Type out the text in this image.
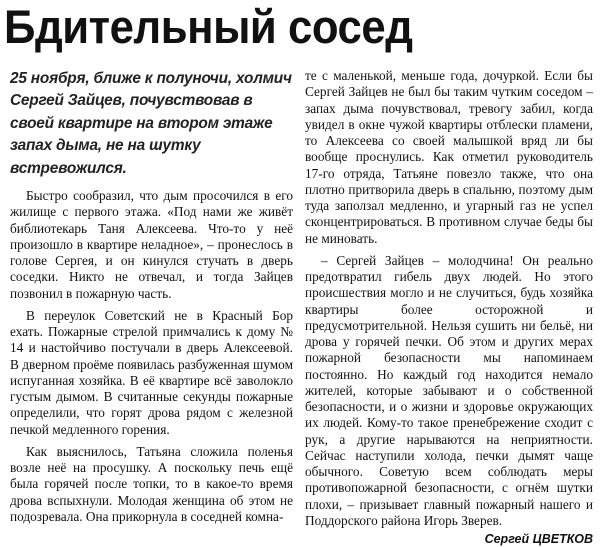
Бдительный сосед
25 ноября, ближе к полуночи, холмич Сергей Зайцев, почувствовав в своей квартире на втором этаже запах дыма, не на шутку встревожился.

Быстро сообразил, что дым просочился в его жилище с первого этажа. «Под нами же живёт библиотекарь Таня Алексеева. Что-то у неё произошло в квартире неладное», – пронеслось в голове Сергея, и он кинулся стучать в дверь соседки. Никто не отвечал, и тогда Зайцев позвонил в пожарную часть.

В переулок Советский не в Красный Бор ехать. Пожарные стрелой примчались к дому № 14 и настойчиво постучали в дверь Алексеевой. В дверном проёме появилась разбуженная шумом испуганная хозяйка. В её квартире всё заволокло густым дымом. В считанные секунды пожарные определили, что горят дрова рядом с железной печкой медленного горения.

Как выяснилось, Татьяна сложила поленья возле неё на просушку. А поскольку печь ещё была горячей после топки, то в какое-то время дрова вспыхнули. Молодая женщина об этом не подозревала. Она прикорнула в соседней комна-

те с маленькой, меньше года, дочуркой. Если бы Сергей Зайцев не был бы таким чутким соседом – запах дыма почувствовал, тревогу забил, когда увидел в окне чужой квартиры отблески пламени, то Алексеева со своей малышкой вряд ли бы вообще проснулись. Как отметил руководитель 17-го отряда, Татьяне повезло также, что она плотно притворила дверь в спальню, поэтому дым туда заползал медленно, и угарный газ не успел сконцентрироваться. В противном случае беды бы не миновать.

– Сергей Зайцев – молодчина! Он реально предотвратил гибель двух людей. Но этого происшествия могло и не случиться, будь хозяйка квартиры более осторожной и предусмотрительной. Нельзя сушить ни бельё, ни дрова у горячей печки. Об этом и других мерах пожарной безопасности мы напоминаем постоянно. Но каждый год находится немало жителей, которые забывают и о собственной безопасности, и о жизни и здоровье окружающих их людей. Кому-то такое пренебрежение сходит с рук, а другие нарываются на неприятности. Сейчас наступили холода, печки дымят чаще обычного. Советую всем соблюдать меры противопожарной безопасности, с огнём шутки плохи, – призывает главный пожарный нашего и Поддорского района Игорь Зверев.

Сергей ЦВЕТКОВ
